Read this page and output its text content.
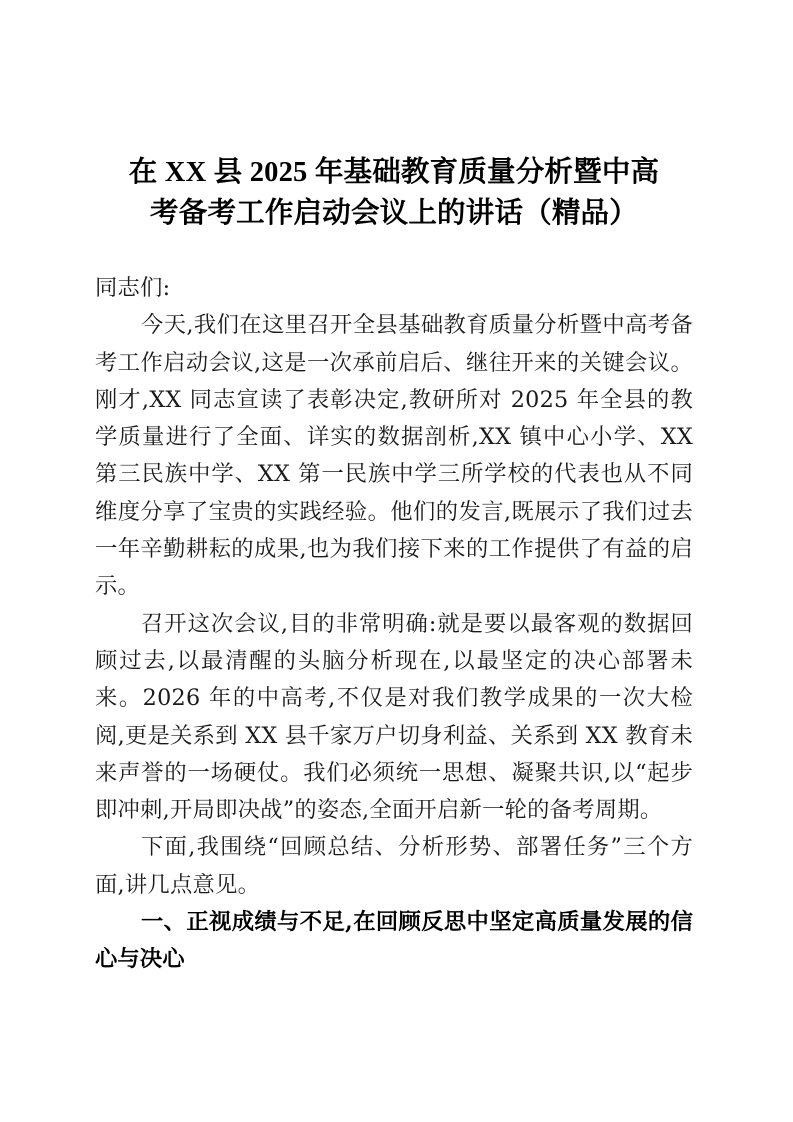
在 XX 县 2025 年基础教育质量分析暨中高
考备考工作启动会议上的讲话（精品）

同志们:

今天,我们在这里召开全县基础教育质量分析暨中高考备考工作启动会议,这是一次承前启后、继往开来的关键会议。刚才,XX 同志宣读了表彰决定,教研所对 2025 年全县的教学质量进行了全面、详实的数据剖析,XX 镇中心小学、XX 第三民族中学、XX 第一民族中学三所学校的代表也从不同维度分享了宝贵的实践经验。他们的发言,既展示了我们过去一年辛勤耕耘的成果,也为我们接下来的工作提供了有益的启示。

召开这次会议,目的非常明确:就是要以最客观的数据回顾过去,以最清醒的头脑分析现在,以最坚定的决心部署未来。2026 年的中高考,不仅是对我们教学成果的一次大检阅,更是关系到 XX 县千家万户切身利益、关系到 XX 教育未来声誉的一场硬仗。我们必须统一思想、凝聚共识,以“起步即冲刺,开局即决战”的姿态,全面开启新一轮的备考周期。

下面,我围绕“回顾总结、分析形势、部署任务”三个方面,讲几点意见。

一、正视成绩与不足,在回顾反思中坚定高质量发展的信心与决心
